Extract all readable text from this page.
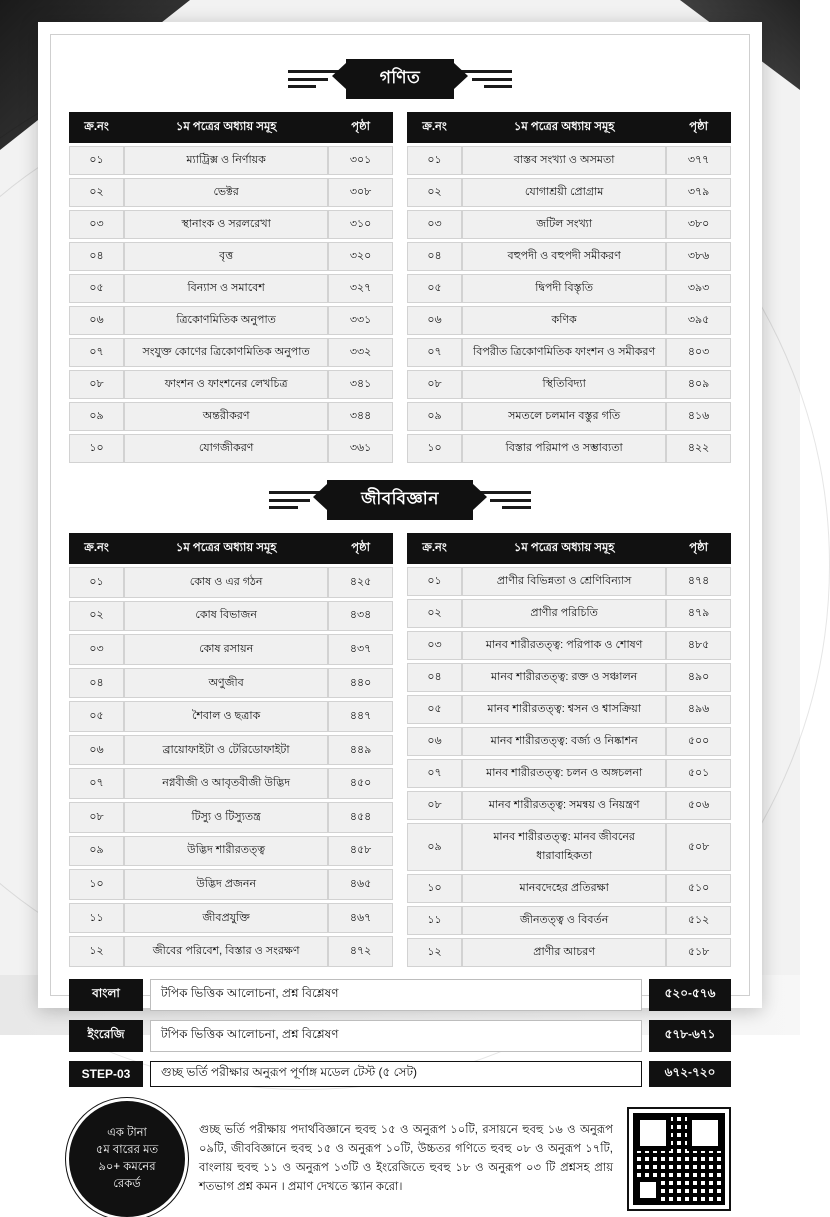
গণিত
ক্র.নং	১ম পত্রের অধ্যায় সমূহ	পৃষ্ঠা
০১	ম্যাট্রিক্স ও নির্ণায়ক	৩০১
০২	ভেক্টর	৩০৮
০৩	স্থানাংক ও সরলরেখা	৩১০
০৪	বৃত্ত	৩২০
০৫	বিন্যাস ও সমাবেশ	৩২৭
০৬	ত্রিকোণমিতিক অনুপাত	৩৩১
০৭	সংযুক্ত কোণের ত্রিকোণমিতিক অনুপাত	৩৩২
০৮	ফাংশন ও ফাংশনের লেখচিত্র	৩৪১
০৯	অন্তরীকরণ	৩৪৪
১০	যোগজীকরণ	৩৬১
ক্র.নং	১ম পত্রের অধ্যায় সমূহ	পৃষ্ঠা
০১	বাস্তব সংখ্যা ও অসমতা	৩৭৭
০২	যোগাশ্রয়ী প্রোগ্রাম	৩৭৯
০৩	জটিল সংখ্যা	৩৮০
০৪	বহুপদী ও বহুপদী সমীকরণ	৩৮৬
০৫	দ্বিপদী বিস্তৃতি	৩৯৩
০৬	কণিক	৩৯৫
০৭	বিপরীত ত্রিকোণমিতিক ফাংশন ও সমীকরণ	৪০৩
০৮	স্থিতিবিদ্যা	৪০৯
০৯	সমতলে চলমান বস্তুর গতি	৪১৬
১০	বিস্তার পরিমাপ ও সম্ভাব্যতা	৪২২
জীববিজ্ঞান
ক্র.নং	১ম পত্রের অধ্যায় সমূহ	পৃষ্ঠা
০১	কোষ ও এর গঠন	৪২৫
০২	কোষ বিভাজন	৪৩৪
০৩	কোষ রসায়ন	৪৩৭
০৪	অণুজীব	৪৪০
০৫	শৈবাল ও ছত্রাক	৪৪৭
০৬	ব্রায়োফাইটা ও টেরিডোফাইটা	৪৪৯
০৭	নগ্নবীজী ও আবৃতবীজী উদ্ভিদ	৪৫০
০৮	টিস্যু ও টিস্যুতন্ত্র	৪৫৪
০৯	উদ্ভিদ শারীরতত্ত্ব	৪৫৮
১০	উদ্ভিদ প্রজনন	৪৬৫
১১	জীবপ্রযুক্তি	৪৬৭
১২	জীবের পরিবেশ, বিস্তার ও সংরক্ষণ	৪৭২
ক্র.নং	১ম পত্রের অধ্যায় সমূহ	পৃষ্ঠা
০১	প্রাণীর বিভিন্নতা ও শ্রেণিবিন্যাস	৪৭৪
০২	প্রাণীর পরিচিতি	৪৭৯
০৩	মানব শারীরতত্ত্ব: পরিপাক ও শোষণ	৪৮৫
০৪	মানব শারীরতত্ত্ব: রক্ত ও সঞ্চালন	৪৯০
০৫	মানব শারীরতত্ত্ব: শ্বসন ও শ্বাসক্রিয়া	৪৯৬
০৬	মানব শারীরতত্ত্ব: বর্জ্য ও নিষ্কাশন	৫০০
০৭	মানব শারীরতত্ত্ব: চলন ও অঙ্গচলনা	৫০১
০৮	মানব শারীরতত্ত্ব: সমন্বয় ও নিয়ন্ত্রণ	৫০৬
০৯	মানব শারীরতত্ত্ব: মানব জীবনের ধারাবাহিকতা	৫০৮
১০	মানবদেহের প্রতিরক্ষা	৫১০
১১	জীনতত্ত্ব ও বিবর্তন	৫১২
১২	প্রাণীর আচরণ	৫১৮
বাংলা	টপিক ভিত্তিক আলোচনা, প্রশ্ন বিশ্লেষণ	৫২০-৫৭৬
ইংরেজি	টপিক ভিত্তিক আলোচনা, প্রশ্ন বিশ্লেষণ	৫৭৮-৬৭১
STEP-03	গুচ্ছ ভর্তি পরীক্ষার অনুরূপ পূর্ণাঙ্গ মডেল টেস্ট (৫ সেট)	৬৭২-৭২০
এক টানা
৫ম বারের মত
৯০+ কমনের
রেকর্ড
গুচ্ছ ভর্তি পরীক্ষায় পদার্থবিজ্ঞানে হুবহু ১৫ ও অনুরূপ ১০টি, রসায়নে হুবহু ১৬ ও অনুরূপ ০৯টি, জীববিজ্ঞানে হুবহু ১৫ ও অনুরূপ ১০টি, উচ্চতর গণিতে হুবহু ০৮ ও অনুরূপ ১৭টি, বাংলায় হুবহু ১১ ও অনুরূপ ১৩টি ও ইংরেজিতে হুবহু ১৮ ও অনুরূপ ০৩ টি প্রশ্নসহ প্রায় শতভাগ প্রশ্ন কমন । প্রমাণ দেখতে স্ক্যান করো।
